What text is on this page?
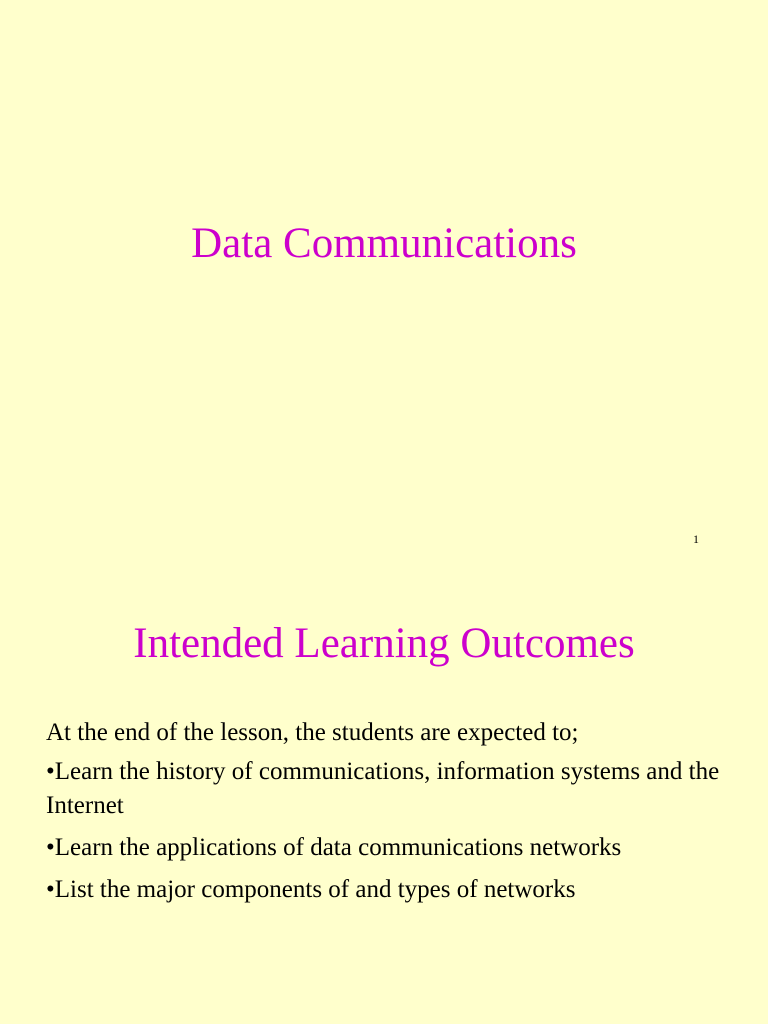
Data Communications
1
Intended Learning Outcomes

At the end of the lesson, the students are expected to;

•Learn the history of communications, information systems and the Internet
•Learn the applications of data communications networks
•List the major components of and types of networks
